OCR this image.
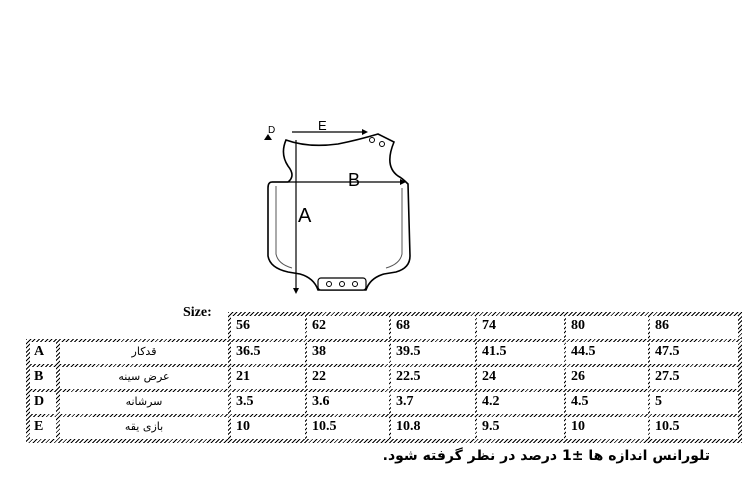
E
D
B
A
Size:
56	62	68	74	80	86
A	قدکار	36.5	38	39.5	41.5	44.5	47.5
B	عرض سینه	21	22	22.5	24	26	27.5
D	سرشانه	3.5	3.6	3.7	4.2	4.5	5
E	بازی یقه	10	10.5	10.8	9.5	10	10.5
تلورانس اندازه ها ±1 درصد در نظر گرفته شود.
